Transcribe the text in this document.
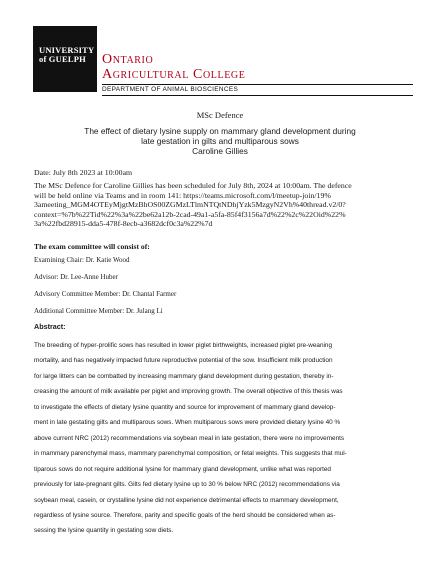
UNIVERSITY
of GUELPH	Ontario
Agricultural College
DEPARTMENT OF ANIMAL BIOSCIENCES
MSc Defence
The effect of dietary lysine supply on mammary gland development during
late gestation in gilts and multiparous sows
Caroline Gillies
Date: July 8th 2023 at 10:00am
The MSc Defence for Caroline Gillies has been scheduled for July 8th, 2024 at 10:00am. The defence
will be held online via Teams and in room 141: https://teams.microsoft.com/l/meetup-join/19%
3ameeting_MGM4OTEyMjgtMzBhOS00ZGMzLTlmNTQtNDhjYzk5MzgyN2Vh%40thread.v2/0?
context=%7b%22Tid%22%3a%22be62a12b-2cad-49a1-a5fa-85f4f3156a7d%22%2c%22Oid%22%
3a%22fbd28915-dda5-478f-8ecb-a3682dcf0c3a%22%7d
The exam committee will consist of:
Examining Chair: Dr. Katie Wood
Advisor: Dr. Lee-Anne Huber
Advisory Committee Member: Dr. Chantal Farmer
Additional Committee Member: Dr. Julang Li
Abstract:
The breeding of hyper-prolific sows has resulted in lower piglet birthweights, increased piglet pre-weaning
mortality, and has negatively impacted future reproductive potential of the sow. Insufficient milk production
for large litters can be combatted by increasing mammary gland development during gestation, thereby in-
creasing the amount of milk available per piglet and improving growth. The overall objective of this thesis was
to investigate the effects of dietary lysine quantity and source for improvement of mammary gland develop-
ment in late gestating gilts and multiparous sows. When multiparous sows were provided dietary lysine 40 %
above current NRC (2012) recommendations via soybean meal in late gestation, there were no improvements
in mammary parenchymal mass, mammary parenchymal composition, or fetal weights. This suggests that mul-
tiparous sows do not require additional lysine for mammary gland development, unlike what was reported
previously for late-pregnant gilts. Gilts fed dietary lysine up to 30 % below NRC (2012) recommendations via
soybean meal, casein, or crystalline lysine did not experience detrimental effects to mammary development,
regardless of lysine source. Therefore, parity and specific goals of the herd should be considered when as-
sessing the lysine quantity in gestating sow diets.
